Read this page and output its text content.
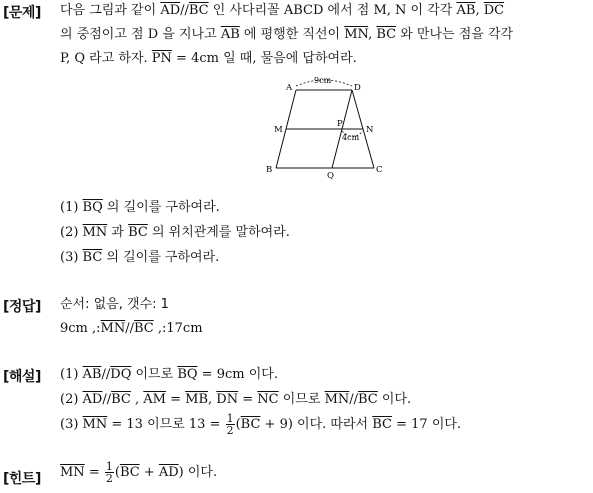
[문제] 다음 그림과 같이 $\overline{AD}//\overline{BC}$ 인 사다리꼴 ABCD 에서 점 M, N 이 각각 $\overline{AB}$, $\overline{DC}$
의 중점이고 점 D 을 지나고 $\overline{AB}$ 에 평행한 직선이 $\overline{MN}$, $\overline{BC}$ 와 만나는 점을 각각
P, Q 라고 하자. $\overline{PN} = 4cm$ 일 때, 물음에 답하여라.
A	D
M	N
P
B	C
Q
9cm
4cm
(1) $\overline{BQ}$ 의 길이를 구하여라.
(2) $\overline{MN}$ 과 $\overline{BC}$ 의 위치관계를 말하여라.
(3) $\overline{BC}$ 의 길이를 구하여라.
[정답] 순서: 없음, 갯수: 1
9cm $,:\overline{MN}//\overline{BC}$ ,:17cm
[해설] (1) $\overline{AB}//\overline{DQ}$ 이므로 $\overline{BQ} = 9cm$ 이다.
(2) $\overline{AD}//\overline{BC}$ , $\overline{AM} = \overline{MB}$, $\overline{DN} = \overline{NC}$ 이므로 $\overline{MN}//\overline{BC}$ 이다.
(3) $\overline{MN} = 13$ 이므로 $13 = \frac{1}{2} (\overline{BC} + 9)$ 이다. 따라서 $\overline{BC} = 17$ 이다.
[힌트] $\overline{MN} = \frac{1}{2} (\overline{BC} + \overline{AD})$ 이다.
